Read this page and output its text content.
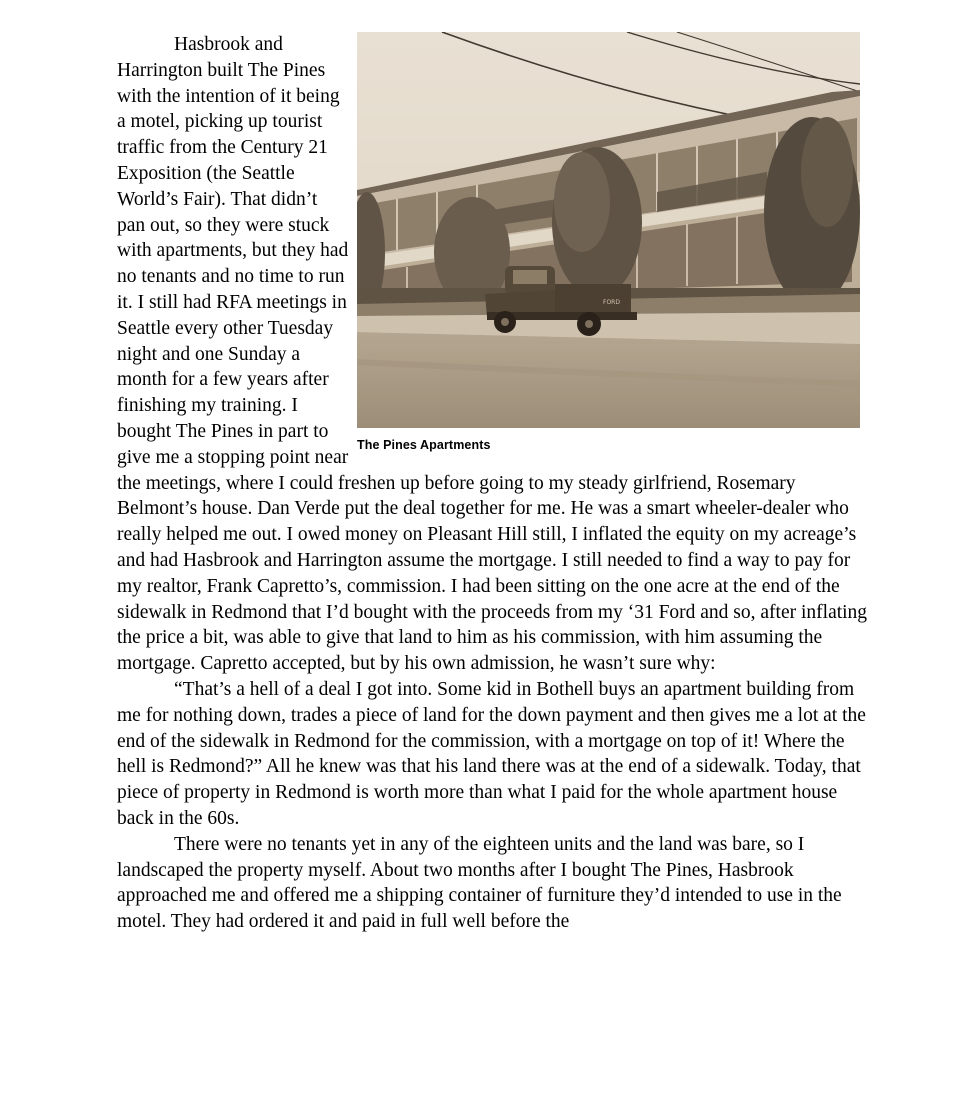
FORD
The Pines Apartments

Hasbrook and Harrington built The Pines with the intention of it being a motel, picking up tourist traffic from the Century 21 Exposition (the Seattle World’s Fair). That didn’t pan out, so they were stuck with apartments, but they had no tenants and no time to run it. I still had RFA meetings in Seattle every other Tuesday night and one Sunday a month for a few years after finishing my training. I bought The Pines in part to give me a stopping point near the meetings, where I could freshen up before going to my steady girlfriend, Rosemary Belmont’s house. Dan Verde put the deal together for me. He was a smart wheeler-dealer who really helped me out. I owed money on Pleasant Hill still, I inflated the equity on my acreage’s and had Hasbrook and Harrington assume the mortgage. I still needed to find a way to pay for my realtor, Frank Capretto’s, commission. I had been sitting on the one acre at the end of the sidewalk in Redmond that I’d bought with the proceeds from my ‘31 Ford and so, after inflating the price a bit, was able to give that land to him as his commission, with him assuming the mortgage. Capretto accepted, but by his own admission, he wasn’t sure why:

“That’s a hell of a deal I got into. Some kid in Bothell buys an apartment building from me for nothing down, trades a piece of land for the down payment and then gives me a lot at the end of the sidewalk in Redmond for the commission, with a mortgage on top of it! Where the hell is Redmond?” All he knew was that his land there was at the end of a sidewalk. Today, that piece of property in Redmond is worth more than what I paid for the whole apartment house back in the 60s.

There were no tenants yet in any of the eighteen units and the land was bare, so I landscaped the property myself. About two months after I bought The Pines, Hasbrook approached me and offered me a shipping container of furniture they’d intended to use in the motel. They had ordered it and paid in full well before the
